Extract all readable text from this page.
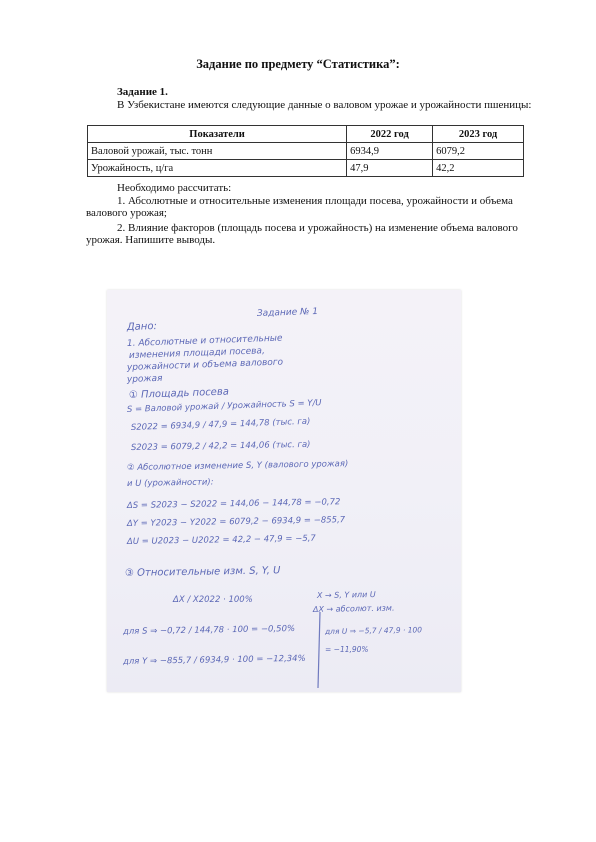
Задание по предмету “Статистика”:
Задание 1.
В Узбекистане имеются следующие данные о валовом урожае и урожайности пшеницы:
Показатели	2022 год	2023 год
Валовой урожай, тыс. тонн	6934,9	6079,2
Урожайность, ц/га	47,9	42,2
Необходимо рассчитать:
1. Абсолютные и относительные изменения площади посева, урожайности и объема валового урожая;
2. Влияние факторов (площадь посева и урожайность) на изменение объема валового урожая. Напишите выводы.
Задание № 1
Дано:
1. Абсолютные и относительные
изменения площади посева,
урожайности и объема валового
урожая
① Площадь посева
S = Валовой урожай / Урожайность S = Y/U
S2022 = 6934,9 / 47,9 = 144,78 (тыс. га)
S2023 = 6079,2 / 42,2 = 144,06 (тыс. га)
② Абсолютное изменение S, Y (валового урожая)
и U (урожайности):
ΔS = S2023 − S2022 = 144,06 − 144,78 = −0,72
ΔY = Y2023 − Y2022 = 6079,2 − 6934,9 = −855,7
ΔU = U2023 − U2022 = 42,2 − 47,9 = −5,7
③ Относительные изм. S, Y, U
ΔX / X2022 · 100%
X → S, Y или U
ΔX → абсолют. изм.
для S ⇒ −0,72 / 144,78 · 100 = −0,50%	для U ⇒ −5,7 / 47,9 · 100
= −11,90%
для Y ⇒ −855,7 / 6934,9 · 100 = −12,34%
